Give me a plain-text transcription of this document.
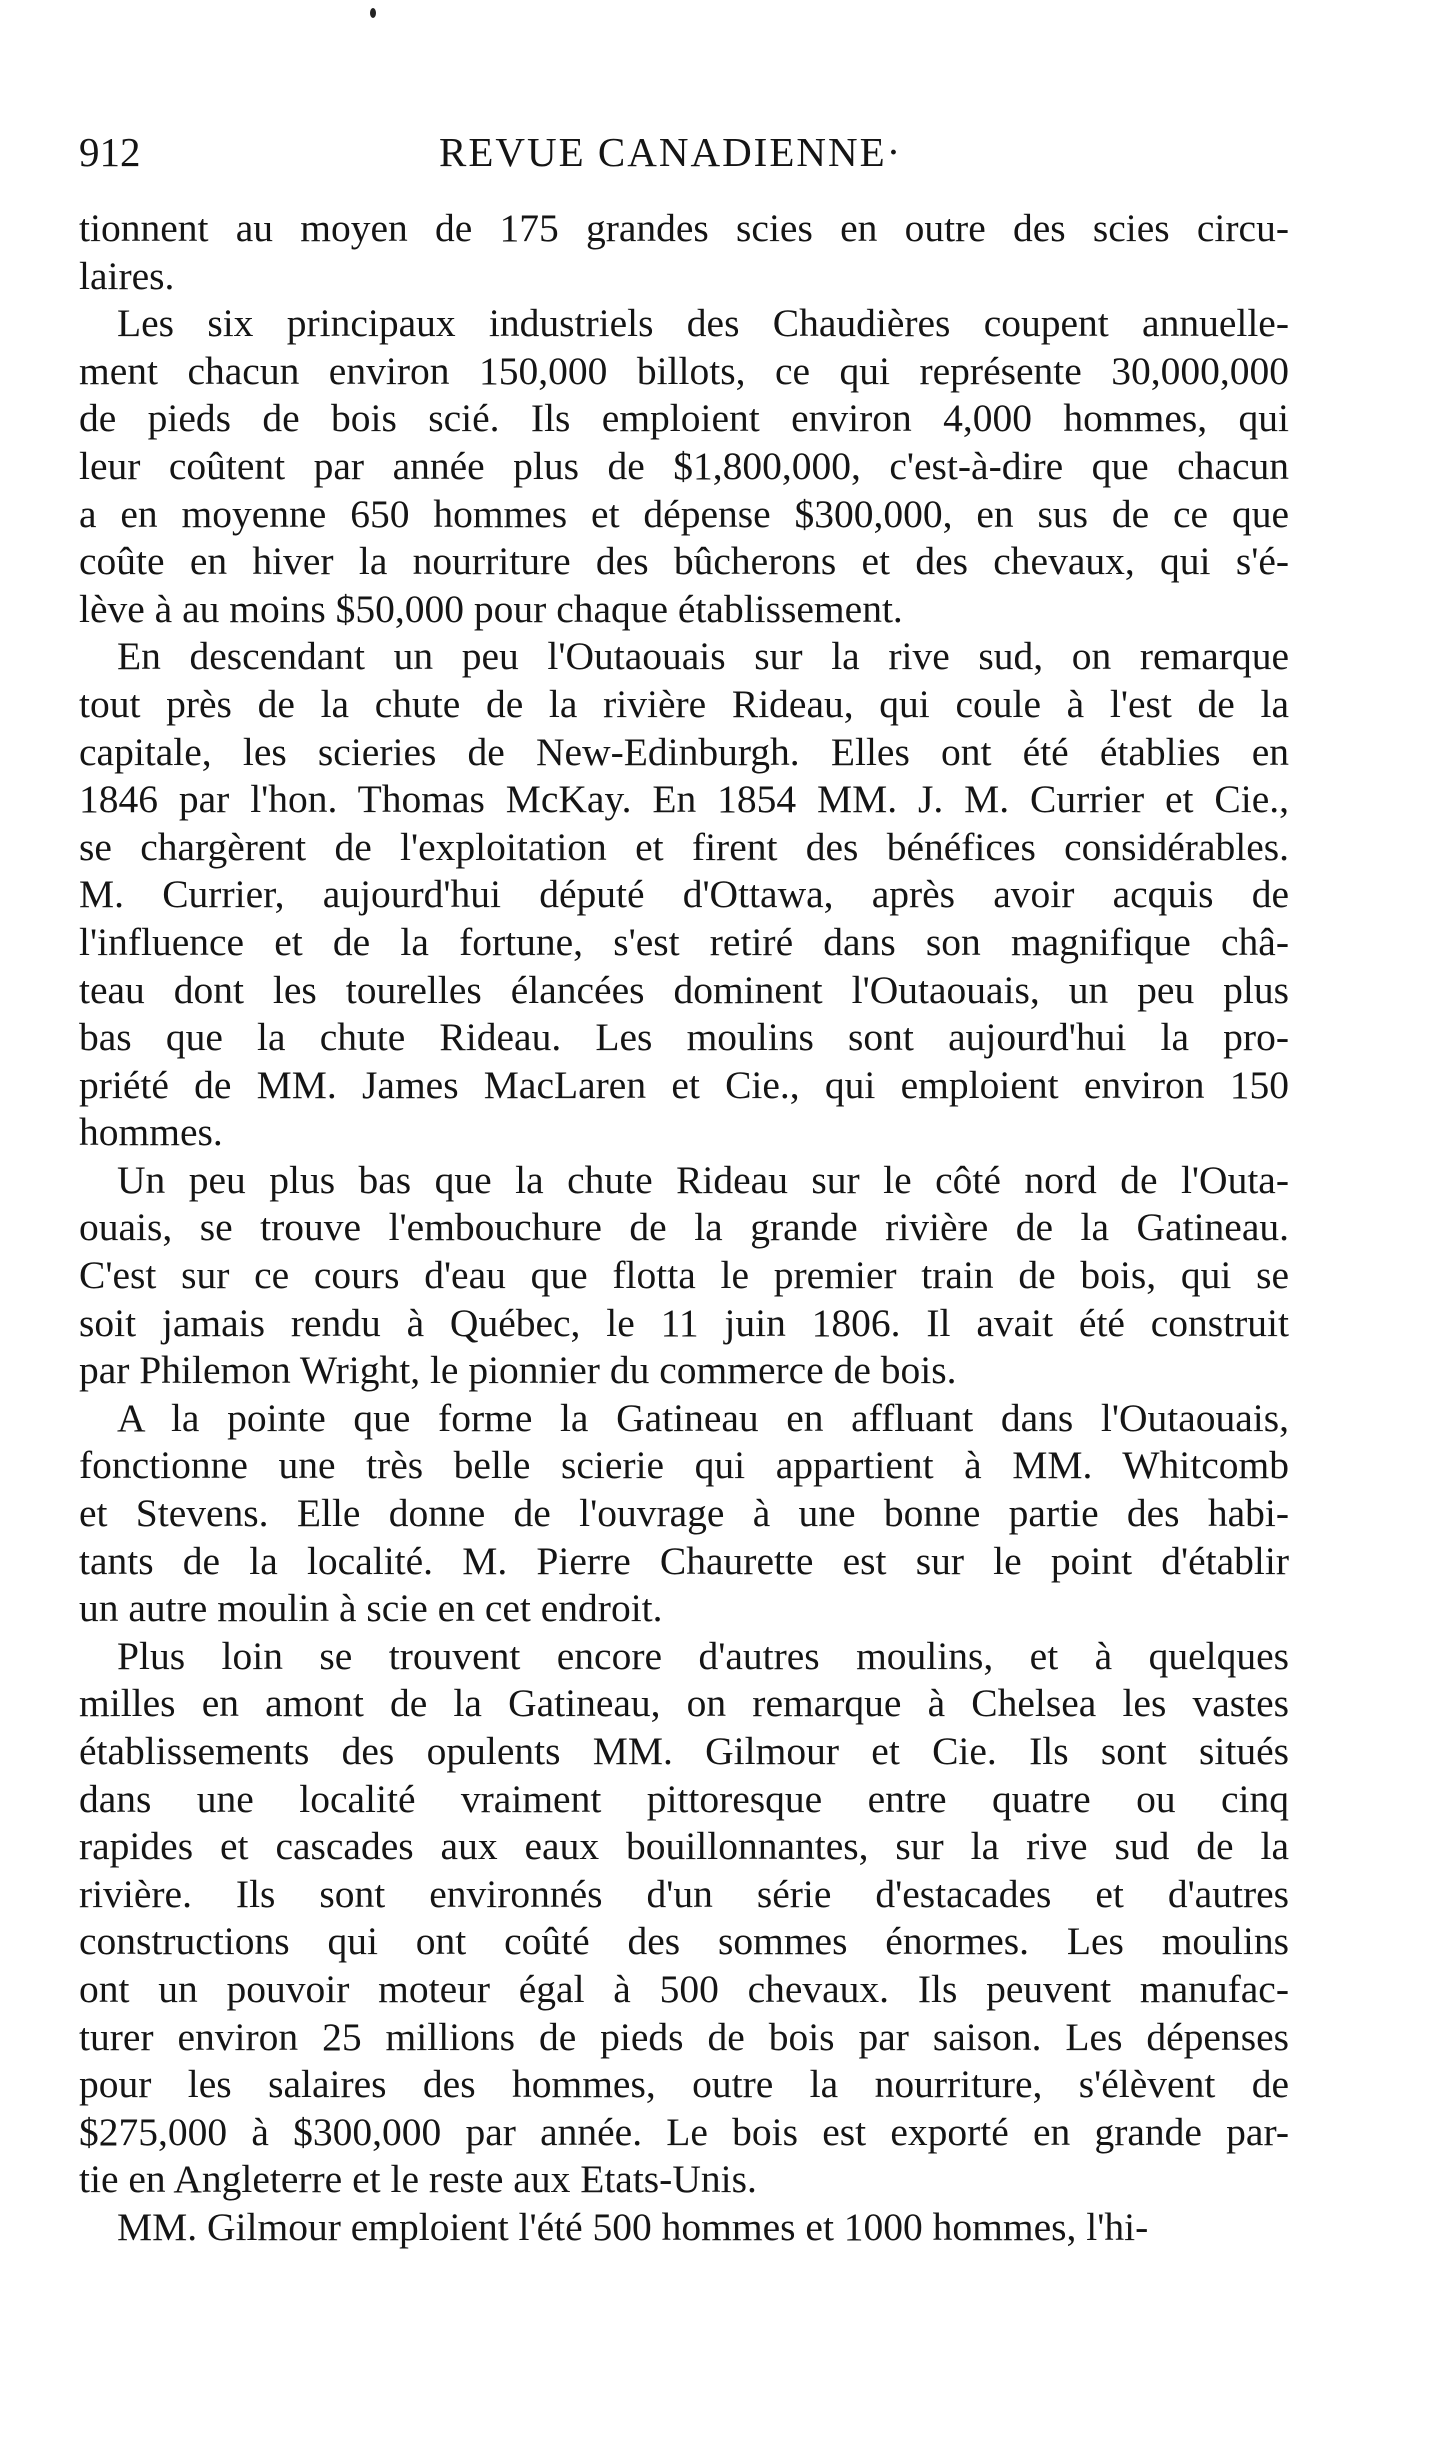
912	REVUE CANADIENNE·
tionnent au moyen de 175 grandes scies en outre des scies circu-
laires.
Les six principaux industriels des Chaudières coupent annuelle-
ment chacun environ 150,000 billots, ce qui représente 30,000,000
de pieds de bois scié. Ils emploient environ 4,000 hommes, qui
leur coûtent par année plus de $1,800,000, c'est-à-dire que chacun
a en moyenne 650 hommes et dépense $300,000, en sus de ce que
coûte en hiver la nourriture des bûcherons et des chevaux, qui s'é-
lève à au moins $50,000 pour chaque établissement.
En descendant un peu l'Outaouais sur la rive sud, on remarque
tout près de la chute de la rivière Rideau, qui coule à l'est de la
capitale, les scieries de New-Edinburgh. Elles ont été établies en
1846 par l'hon. Thomas McKay. En 1854 MM. J. M. Currier et Cie.,
se chargèrent de l'exploitation et firent des bénéfices considérables.
M. Currier, aujourd'hui député d'Ottawa, après avoir acquis de
l'influence et de la fortune, s'est retiré dans son magnifique châ-
teau dont les tourelles élancées dominent l'Outaouais, un peu plus
bas que la chute Rideau. Les moulins sont aujourd'hui la pro-
priété de MM. James MacLaren et Cie., qui emploient environ 150
hommes.
Un peu plus bas que la chute Rideau sur le côté nord de l'Outa-
ouais, se trouve l'embouchure de la grande rivière de la Gatineau.
C'est sur ce cours d'eau que flotta le premier train de bois, qui se
soit jamais rendu à Québec, le 11 juin 1806. Il avait été construit
par Philemon Wright, le pionnier du commerce de bois.
A la pointe que forme la Gatineau en affluant dans l'Outaouais,
fonctionne une très belle scierie qui appartient à MM. Whitcomb
et Stevens. Elle donne de l'ouvrage à une bonne partie des habi-
tants de la localité. M. Pierre Chaurette est sur le point d'établir
un autre moulin à scie en cet endroit.
Plus loin se trouvent encore d'autres moulins, et à quelques
milles en amont de la Gatineau, on remarque à Chelsea les vastes
établissements des opulents MM. Gilmour et Cie. Ils sont situés
dans une localité vraiment pittoresque entre quatre ou cinq
rapides et cascades aux eaux bouillonnantes, sur la rive sud de la
rivière. Ils sont environnés d'un série d'estacades et d'autres
constructions qui ont coûté des sommes énormes. Les moulins
ont un pouvoir moteur égal à 500 chevaux. Ils peuvent manufac-
turer environ 25 millions de pieds de bois par saison. Les dépenses
pour les salaires des hommes, outre la nourriture, s'élèvent de
$275,000 à $300,000 par année. Le bois est exporté en grande par-
tie en Angleterre et le reste aux Etats-Unis.
MM. Gilmour emploient l'été 500 hommes et 1000 hommes, l'hi-
